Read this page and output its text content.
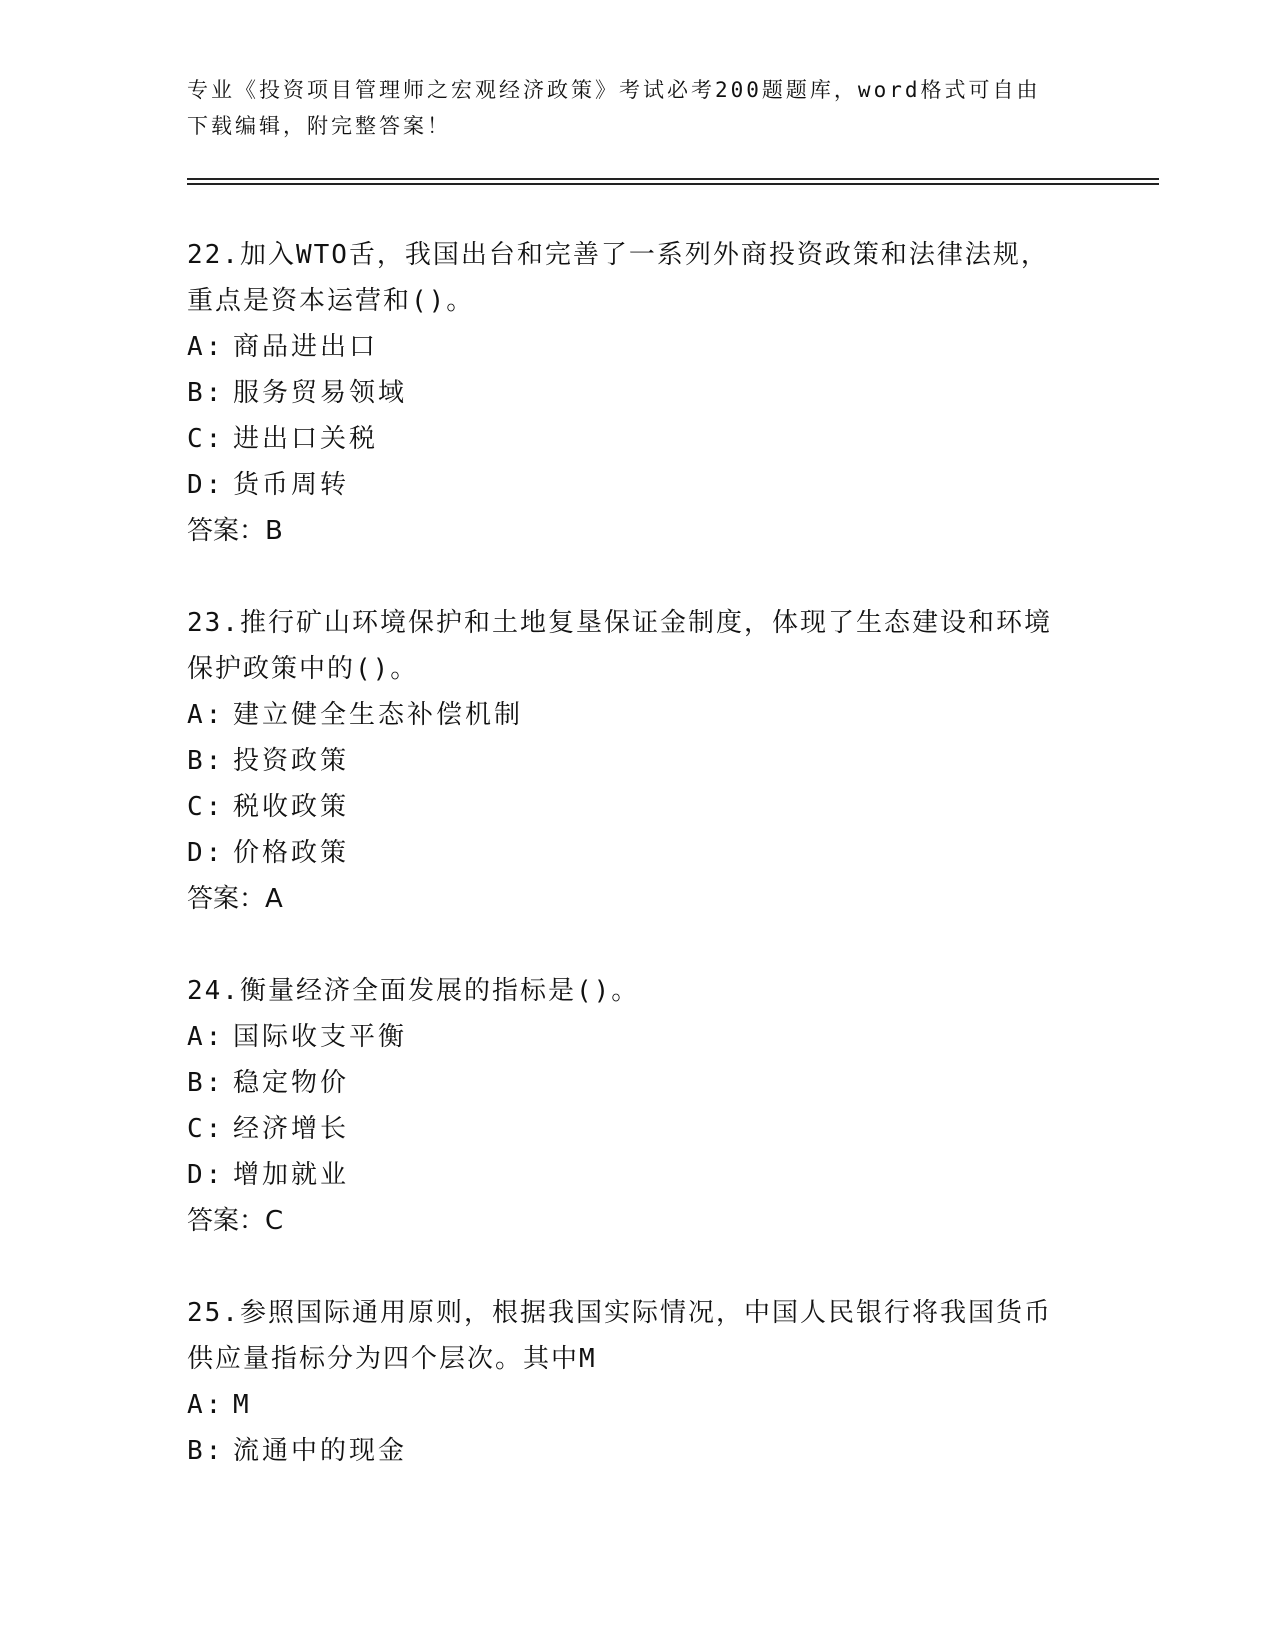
专业《投资项目管理师之宏观经济政策》考试必考200题题库，word格式可自由
下载编辑，附完整答案！
22.加入WTO舌，我国出台和完善了一系列外商投资政策和法律法规，
重点是资本运营和()。
A: 商品进出口
B: 服务贸易领域
C: 进出口关税
D: 货币周转
答案：B
23.推行矿山环境保护和土地复垦保证金制度，体现了生态建设和环境
保护政策中的()。
A: 建立健全生态补偿机制
B: 投资政策
C: 税收政策
D: 价格政策
答案：A
24.衡量经济全面发展的指标是()。
A: 国际收支平衡
B: 稳定物价
C: 经济增长
D: 增加就业
答案：C
25.参照国际通用原则，根据我国实际情况，中国人民银行将我国货币
供应量指标分为四个层次。其中M
A: M
B: 流通中的现金
